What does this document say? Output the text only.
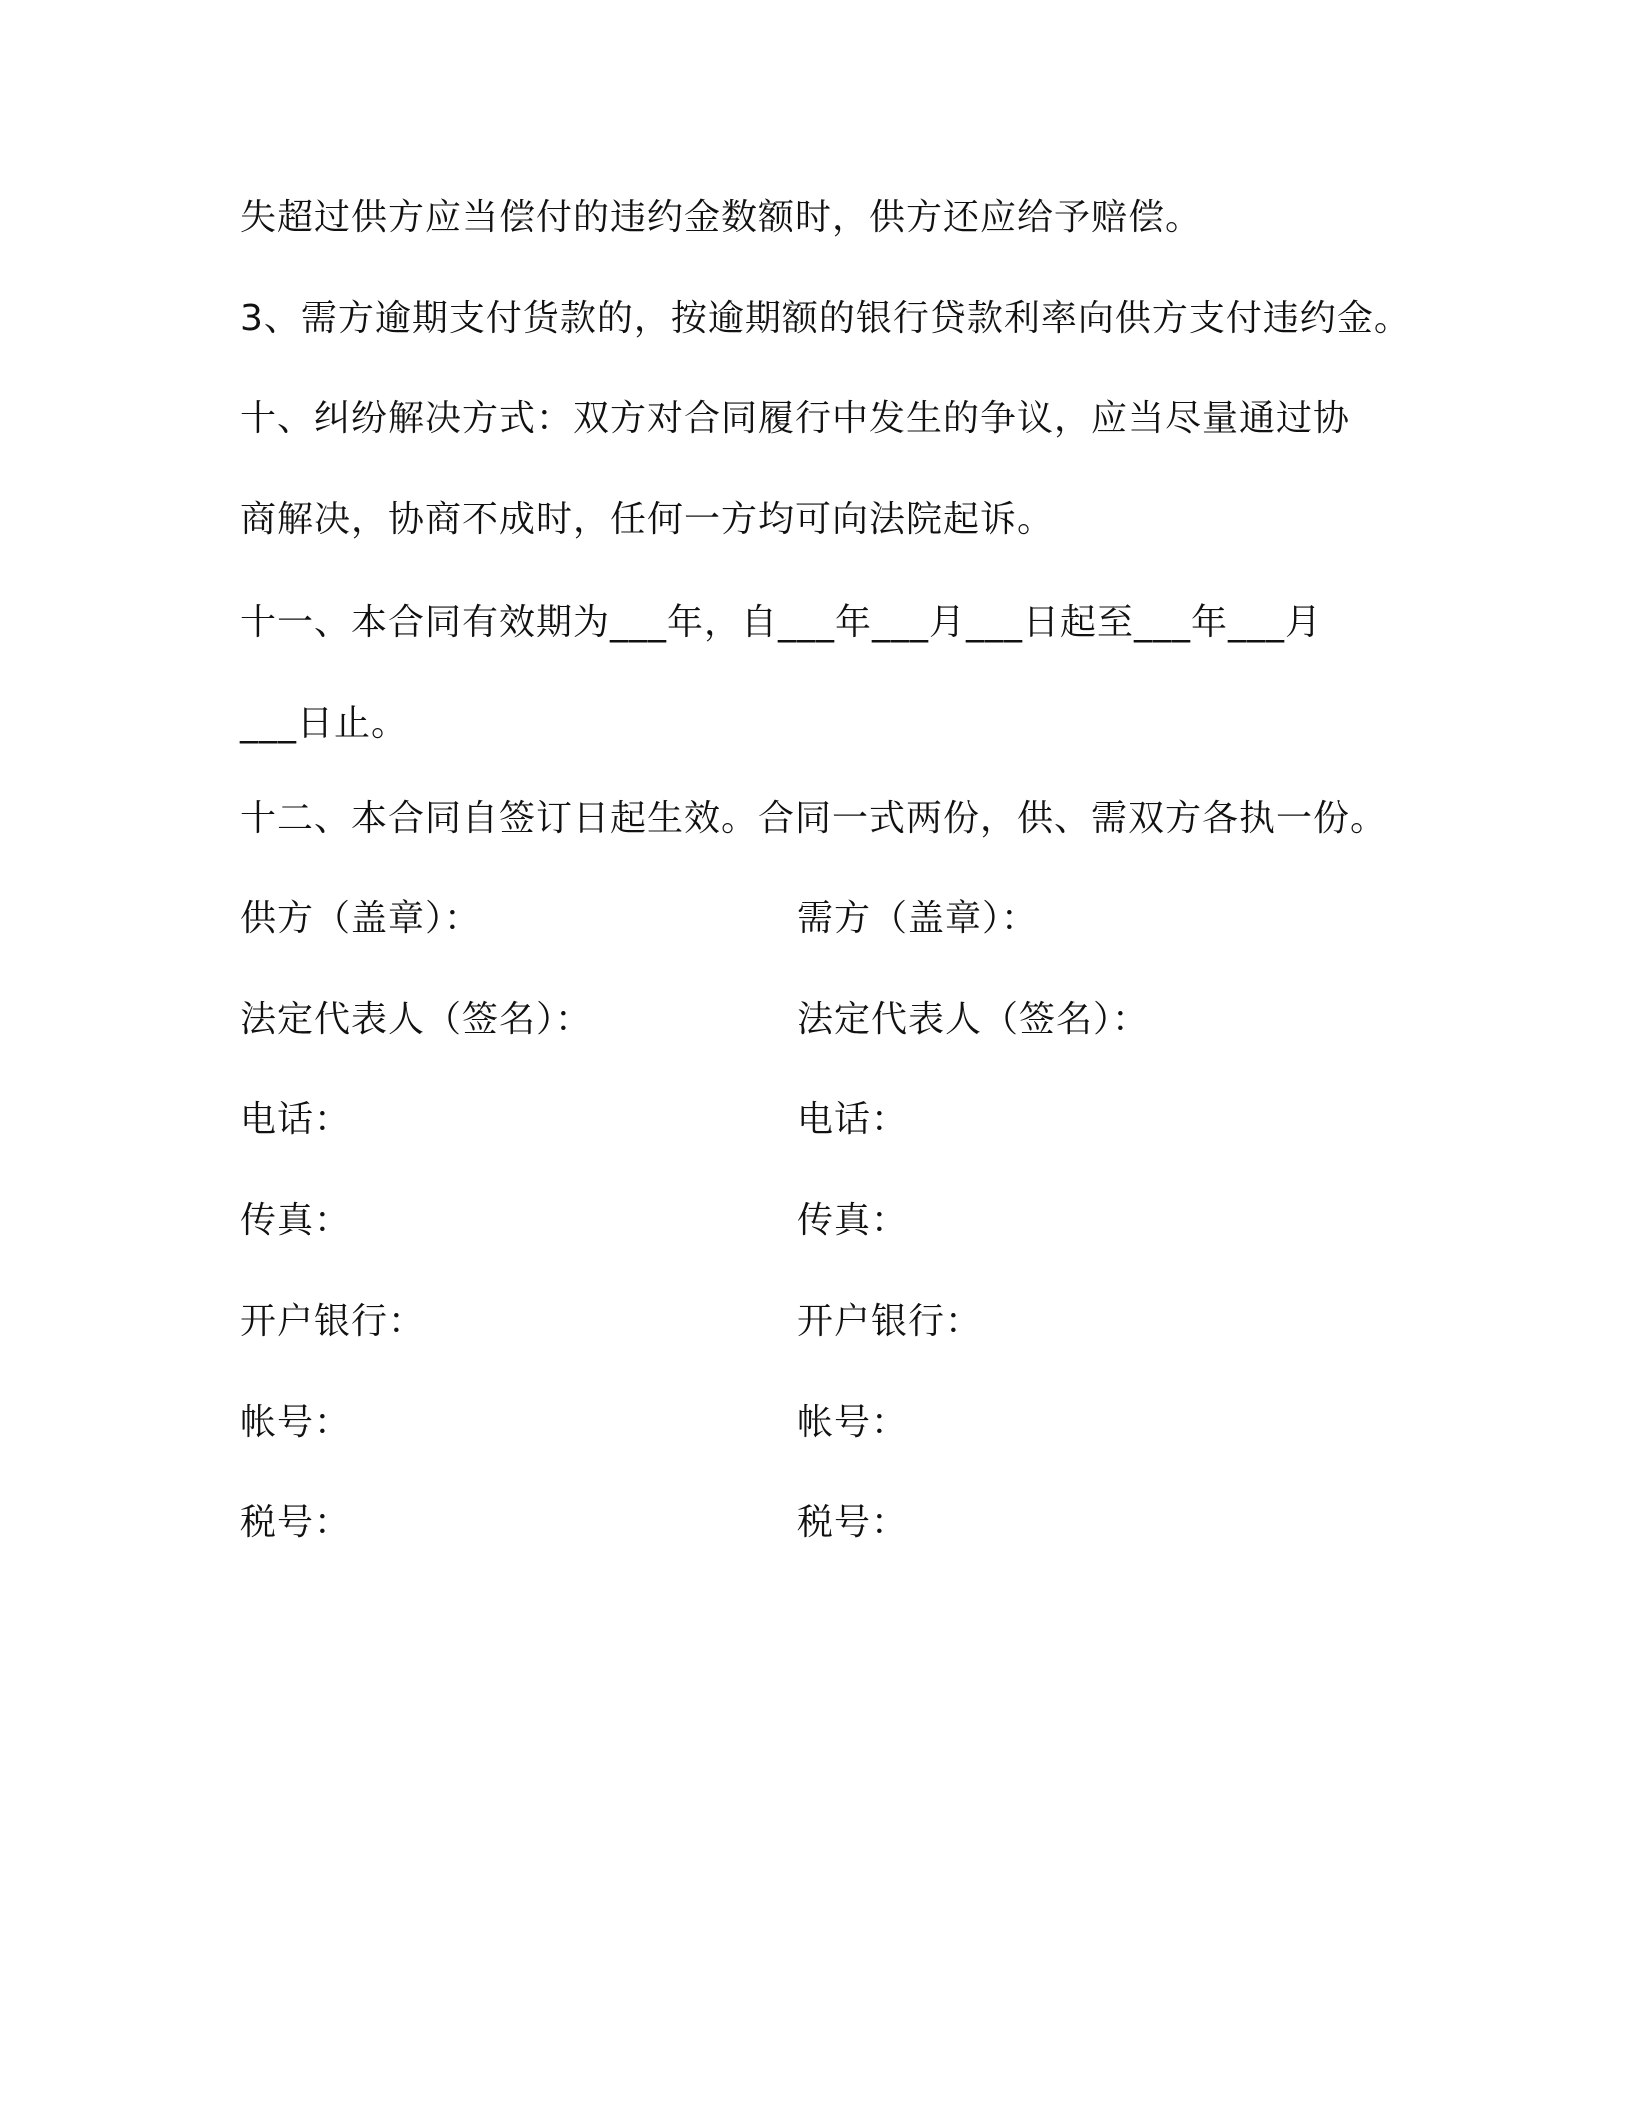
失超过供方应当偿付的违约金数额时，供方还应给予赔偿。
3、需方逾期支付货款的，按逾期额的银行贷款利率向供方支付违约金。
十、纠纷解决方式：双方对合同履行中发生的争议，应当尽量通过协
商解决，协商不成时，任何一方均可向法院起诉。
十一、本合同有效期为___年，自___年___月___日起至___年___月
___日止。
十二、本合同自签订日起生效。合同一式两份，供、需双方各执一份。
供方（盖章）：	需方（盖章）：
法定代表人（签名）：	法定代表人（签名）：
电话：	电话：
传真：	传真：
开户银行：	开户银行：
帐号：	帐号：
税号：	税号：
